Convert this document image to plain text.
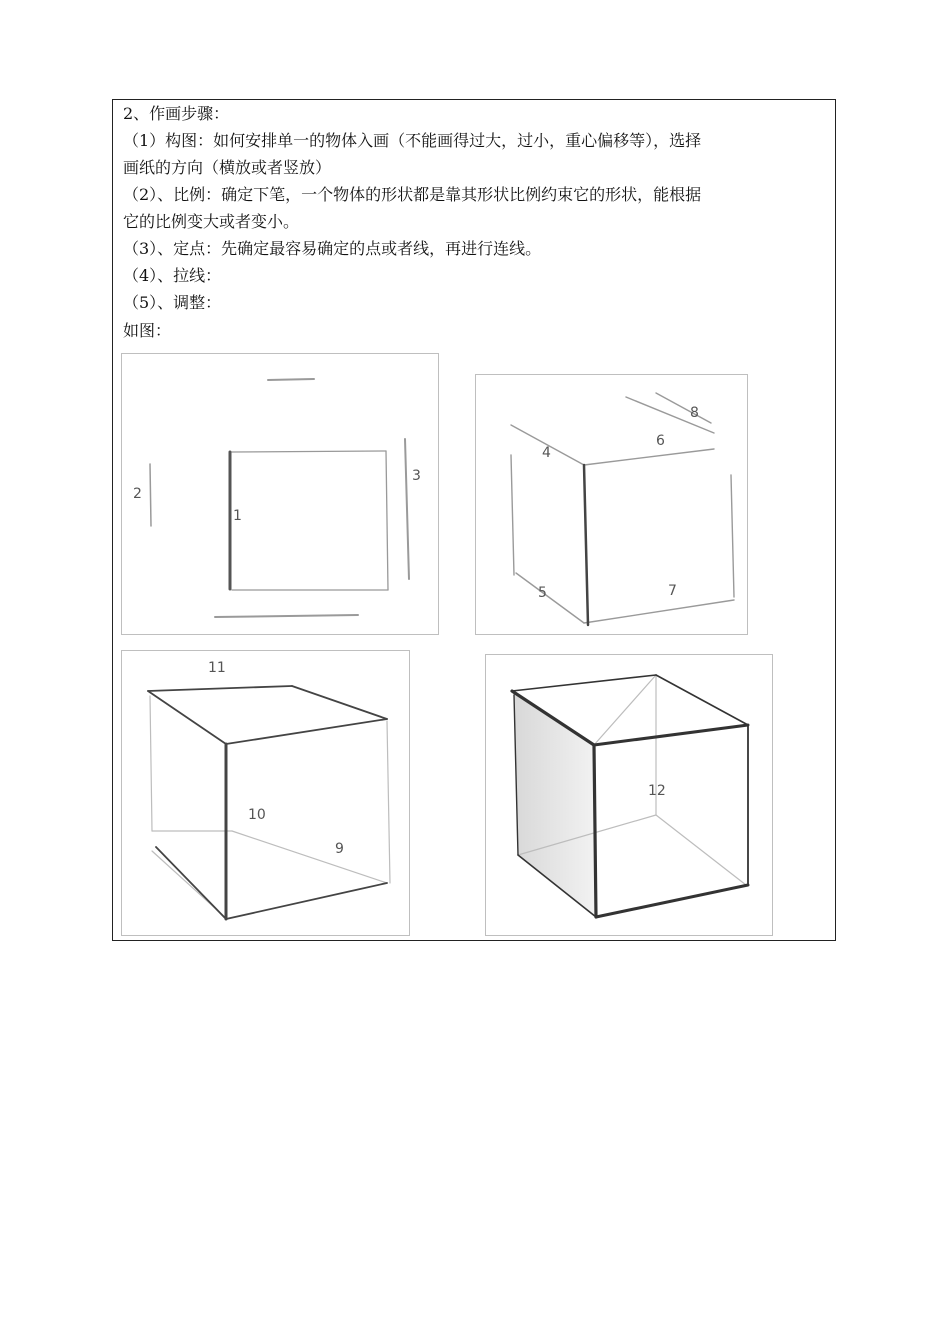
2、作画步骤：
（1）构图：如何安排单一的物体入画（不能画得过大，过小，重心偏移等），选择
画纸的方向（横放或者竖放）
（2）、比例：确定下笔，一个物体的形状都是靠其形状比例约束它的形状，能根据
它的比例变大或者变小。
（3）、定点：先确定最容易确定的点或者线，再进行连线。
（4）、拉线：
（5）、调整：
如图：
1
2
3
4
5
6
7
8
9
10
11
12
